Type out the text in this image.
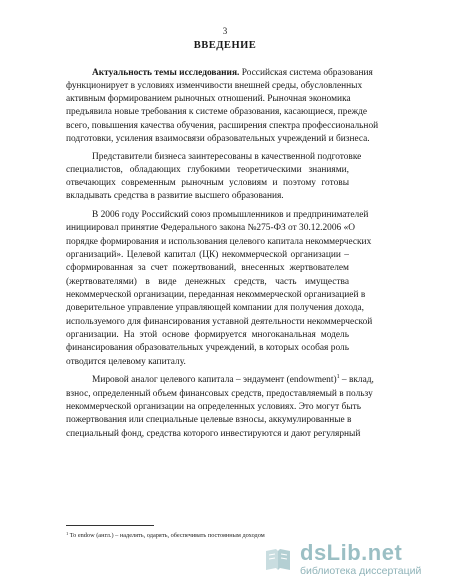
3
ВВЕДЕНИЕ
Актуальность темы исследования. Российская система образования
функционирует в условиях изменчивости внешней среды, обусловленных
активным формированием рыночных отношений. Рыночная экономика
предъявила новые требования к системе образования, касающиеся, прежде
всего, повышения качества обучения, расширения спектра профессиональной
подготовки, усиления взаимосвязи образовательных учреждений и бизнеса.
Представители бизнеса заинтересованы в качественной подготовке
специалистов, обладающих глубокими теоретическими знаниями,
отвечающих современным рыночным условиям и поэтому готовы
вкладывать средства в развитие высшего образования.
В 2006 году Российский союз промышленников и предпринимателей
инициировал принятие Федерального закона №275-ФЗ от 30.12.2006 «О
порядке формирования и использования целевого капитала некоммерческих
организаций». Целевой капитал (ЦК) некоммерческой организации –
сформированная за счет пожертвований, внесенных жертвователем
(жертвователями) в виде денежных средств, часть имущества
некоммерческой организации, переданная некоммерческой организацией в
доверительное управление управляющей компании для получения дохода,
используемого для финансирования уставной деятельности некоммерческой
организации. На этой основе формируется многоканальная модель
финансирования образовательных учреждений, в которых особая роль
отводится целевому капиталу.
Мировой аналог целевого капитала – эндаумент (endowment)$^1$ – вклад,
взнос, определенный объем финансовых средств, предоставляемый в пользу
некоммерческой организации на определенных условиях. Это могут быть
пожертвования или специальные целевые взносы, аккумулированные в
специальный фонд, средства которого инвестируются и дают регулярный
$^1$ To endow (англ.) – наделять, одарять, обеспечивать постоянным доходом
dsLib.net
библиотека диссертаций
